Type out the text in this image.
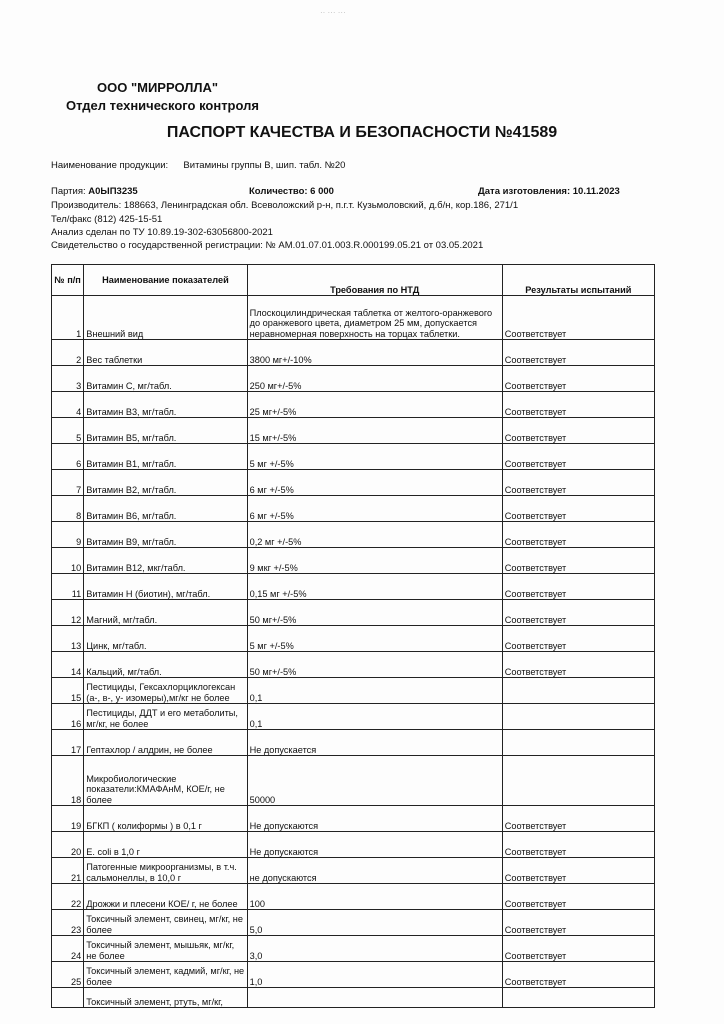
·· ··· ···
ООО "МИРРОЛЛА"
Отдел технического контроля
ПАСПОРТ КАЧЕСТВА И БЕЗОПАСНОСТИ №41589
Наименование продукции: Витамины группы В, шип. табл. №20
Партия: А0ЫП3235	Количество: 6 000	Дата изготовления: 10.11.2023
Производитель: 188663, Ленинградская обл. Всеволожский р-н, п.г.т. Кузьмоловский, д.б/н, кор.186, 271/1
Тел/факс (812) 425-15-51
Анализ сделан по ТУ 10.89.19-302-63056800-2021
Свидетельство о государственной регистрации: № AM.01.07.01.003.R.000199.05.21 от 03.05.2021
№ п/п	Наименование показателей	Требования по НТД	Результаты испытаний
1	Внешний вид	Плоскоцилиндрическая таблетка от желтого-оранжевого до оранжевого цвета, диаметром 25 мм, допускается неравномерная поверхность на торцах таблетки.	Соответствует
2	Вес таблетки	3800 мг+/-10%	Соответствует
3	Витамин С, мг/табл.	250 мг+/-5%	Соответствует
4	Витамин В3, мг/табл.	25 мг+/-5%	Соответствует
5	Витамин В5, мг/табл.	15 мг+/-5%	Соответствует
6	Витамин В1, мг/табл.	5 мг +/-5%	Соответствует
7	Витамин В2, мг/табл.	6 мг +/-5%	Соответствует
8	Витамин В6, мг/табл.	6 мг +/-5%	Соответствует
9	Витамин В9, мг/табл.	0,2 мг +/-5%	Соответствует
10	Витамин В12, мкг/табл.	9 мкг +/-5%	Соответствует
11	Витамин Н (биотин), мг/табл.	0,15 мг +/-5%	Соответствует
12	Магний, мг/табл.	50 мг+/-5%	Соответствует
13	Цинк, мг/табл.	5 мг +/-5%	Соответствует
14	Кальций, мг/табл.	50 мг+/-5%	Соответствует
15	Пестициды, Гексахлорциклогексан (a-, в-, у- изомеры),мг/кг не более	0,1	
16	Пестициды, ДДТ и его метаболиты, мг/кг, не более	0,1	
17	Гептахлор / алдрин, не более	Не допускается	
18	Микробиологические показатели:КМАФАнМ, КОЕ/г, не более	50000	
19	БГКП ( колиформы ) в 0,1 г	Не допускаются	Соответствует
20	E. coli в 1,0 г	Не допускаются	Соответствует
21	Патогенные микроорганизмы, в т.ч. сальмонеллы, в 10,0 г	не допускаются	Соответствует
22	Дрожжи и плесени КОЕ/ г, не более	100	Соответствует
23	Токсичный элемент, свинец, мг/кг, не более	5,0	Соответствует
24	Токсичный элемент, мышьяк, мг/кг, не более	3,0	Соответствует
25	Токсичный элемент, кадмий, мг/кг, не более	1,0	Соответствует
	Токсичный элемент, ртуть, мг/кг,		
